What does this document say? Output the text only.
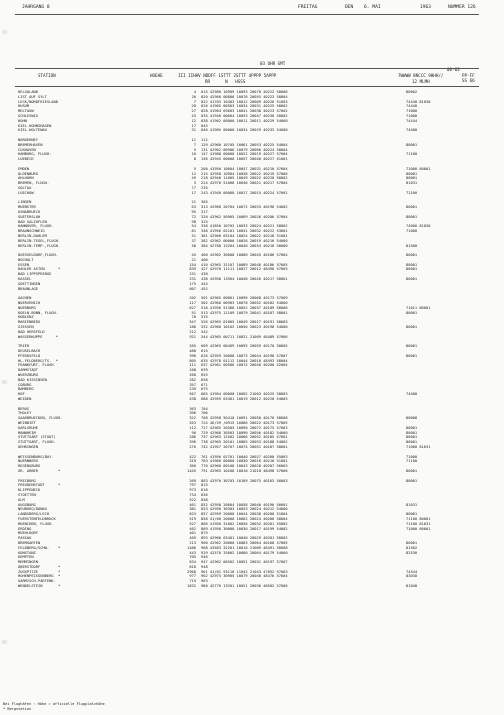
JAHRGANG 8	FREITAG	DEN 6. MAI	1963	NUMMER 126
03 UHR GMT
00-03
STATION	HOEHE	III IIHHV NDDFF 1STTT 2STTT 4PPPP 5APPP
RR      N   HSSS
7WWWW 8NCCC 9HHH//
12 MLMH
PP-FF
SS 66
HELGOLAND	4 015 42980 10909 10093 20070 40222 58006	80002
LIST AUF SYLT	26 020 42960 00806 10076 20055 40223 58004
LECK/NORDFRIESLAND	7 022 41703 10403 10012 20009 40226 51003	74440 81030
HUSUM	28 026 41905 00503 10034 20031 40225 58002	74440
MELTAUW	27 028 41904 03603 10041 20038 40223 57002	71000
SCHLESWIG	43 035 41940 00604 10053 20047 40230 50002	71000
HOHN	12 038 41902 00000 10011 20011 40229 54000	74444
KIEL-HOHNSHAGEN	17 045
KIEL-HOLTENAU	31 046 41905 00000 10034 20029 40233 54000	74400
NORDERNEY	11 112
BREMERHAVEN	7 129 42960 10705 10061 20053 40225 54004	80001
CUXHAVEN	5 131 42962 00906 10079 20066 40224 58004
HAMBURG, FLUGH.	16 147 41980 00000 10022 20019 40227 57004	71100
LUEBECK	8 156 42945 00000 10057 20040 40227 51001
EMDEN	5 200 41950 10604 10047 20031 40210 57004	71000 80001
OLDENBURG	12 215 42958 10904 10038 20022 40219 57006	80001
AHLHORN	49 218 42940 11005 10049 20022 40220 58002	80001
BREMEN, FLUGH.	3 224 42970 51006 10046 20021 40217 57004	81031
SOLTAU	77 235
LUECHOW	17 243 41940 00000 10017 20015 40224 57001	71100
LINGEN	21 305
MUENSTER	63 313 42960 20704 10072 20033 40196 54002	80001
OSNABRUECK	95 317
GUETERSLOH	72 320 42962 50905 10069 20026 40206 57004	80001
BAD SALZUFLEN	98 325
HANNOVER, FLUGH.	54 338 41850 10702 10033 20024 40221 58002	74000 81030
BRAUNSCHWEIG	81 348 41956 02101 10041 20032 40222 53001	71000
BERLIN-DAHLEM	51 381 42960 03104 10024 20022 40218 51001
BERLIN-TEGEL,FLUGH.	37 382 42962 00000 10026 20019 40216 54000
BERLIN-TEMP.,FLUGH.	50 384 42768 13204 10040 20034 40216 50000	81500
DUESSELDORF,FLUGH.	45 400 42962 30000 10060 20045 40186 57004	80001
BOCHOLT	21 406
ESSEN	154 410 42965 31107 10089 20048 40186 57005	80001
HAHLER ASTEN      *	839 427 42970 11111 10027 20012 48490 57003	80001
BAD LIPPSPRINGE	151 430
KASSEL	231 438 42958 13504 10048 20026 40217 58001	80001
GOETTINGEN	175 444
BRAUNLAGE	607 452
AACHEN	202 501 42965 00801 10096 20068 40173 57009
NOERVENICH	117 502 42960 00903 10078 20052 40182 54000
NUERBURG	627 510 41956 51306 10052 20037 40189 58006	71011 80001
KOELN-BONN, FLUGH.	91 513 42975 11109 10079 20041 40187 58001	80001
KOBLENZ	70 515
MARIENBERG	547 526 42965 01005 10049 20017 40191 58003
GIESSEN	186 532 42960 10102 10050 20023 40198 54000	80001
BAD HERSFELD	212 542
WASSERKUPPE      *	921 544 42965 00711 10021 21009 48489 57006
TRIER	265 609 42965 00409 10095 20059 40170 58005	80001
DEUSELBACH	480 615
PFERDSFELD	396 626 42959 20608 10073 20044 40190 57007	80001
HL.FELDBERG/TS.  *	805 635 42970 01112 10044 20018 48493 58004
FRANKFURT, FLUGH.	111 637 42961 00506 10074 20040 40200 52004
DARMSTADT	108 639
WUERZBURG	268 655
BAD KISSINGEN	282 658
COBURG	357 671
BAMBERG	239 675
HOF	567 685 41904 00000 10002 21003 40225 58003	74400
WEIDEN	438 688 42959 03401 10019 20012 40220 54003
BERUS	363 704
THOLEY	396 706
SAARBRUECKEN, FLUGH.	322 708 42958 50410 10091 20050 40170 58008	80008
WEINBIET	553 724 46/59 /0915 10086 20022 40173 57005
KARLSRUHE	112 727 42965 20505 10090 20072 40175 57003	80001
MANNHEIM	96 729 42968 30503 10090 20056 40182 54000	80001
STUTTGART (STADT)	286 737 42963 12502 10086 20052 40185 57001	80001
STUTTGART, FLUGH.	396 738 42965 20101 10065 20053 40188 54002	80001
OEHRINGEN	276 742 41957 20707 10074 20051 40187 58001	71000 81031
WEISSENBURG/BAY.	422 761 41950 02701 10040 20027 40200 55003	71000
NUERNBERG	319 763 41960 00000 10030 20016 40210 51001	71100
REGENSBURG	366 776 42960 00106 10043 20028 40207 56003
GR. ARBER         *	1445 791 42965 10208 10010 21018 48498 57006	80001
FREIBURG	269 803 42970 30703 10109 20075 40163 58003	80001
FREUDENSTADT      *	797 815
KLIPPENECK	973 818
STOETTEN	734 836
ULM	522 838
AUGSBURG	461 852 42958 20604 10058 20040 40196 50001	81031
NEUBURG/DONAU	381 853 42958 30303 10053 20024 40212 54000
LANDSBERG/LECH	623 857 42959 20000 10044 20030 40200 51004	80001
FUERSTENFELDBRUCK	519 858 41/60 20000 10062 20024 40200 58004	71100 80001
MUENCHEN, FLUGH.	527 866 41950 31002 10056 20032 40201 55002	71100 81031
ERDING	462 869 41950 30000 10030 20017 40199 54002	71000 80001
MUEHLDORF	401 875
PASSAU	409 893 42960 03401 10040 20029 40201 58002
BREMGARTEN	213 900 42962 20000 10083 20064 40168 57005	80001
FELDBERG/SCHW.    *	1486 908 43583 32201 10010 21009 48491 58008	81502
KONSTANZ	443 929 42570 33002 10080 20064 40179 54000	82530
KEMPTEN	705 946
MEMMINGEN	634 947 42962 00502 10051 20031 40197 57007
OBERSTDORF        *	810 948
ZUGSPITZE         *	2960 961 41/01 93116 11042 21043 47052 57003	74544
HOHENPEISSENBERG  *	977 962 42975 30905 10079 20040 48476 57004	83030
GARMISCH-PARTENK.	719 963
WENDELSTEIN       *	1832 980 42770 13201 10021 20036 48502 57006	81040
Bei Flughäfen : Höhe = offizielle Flugplatzhöhe
* Bergstation
